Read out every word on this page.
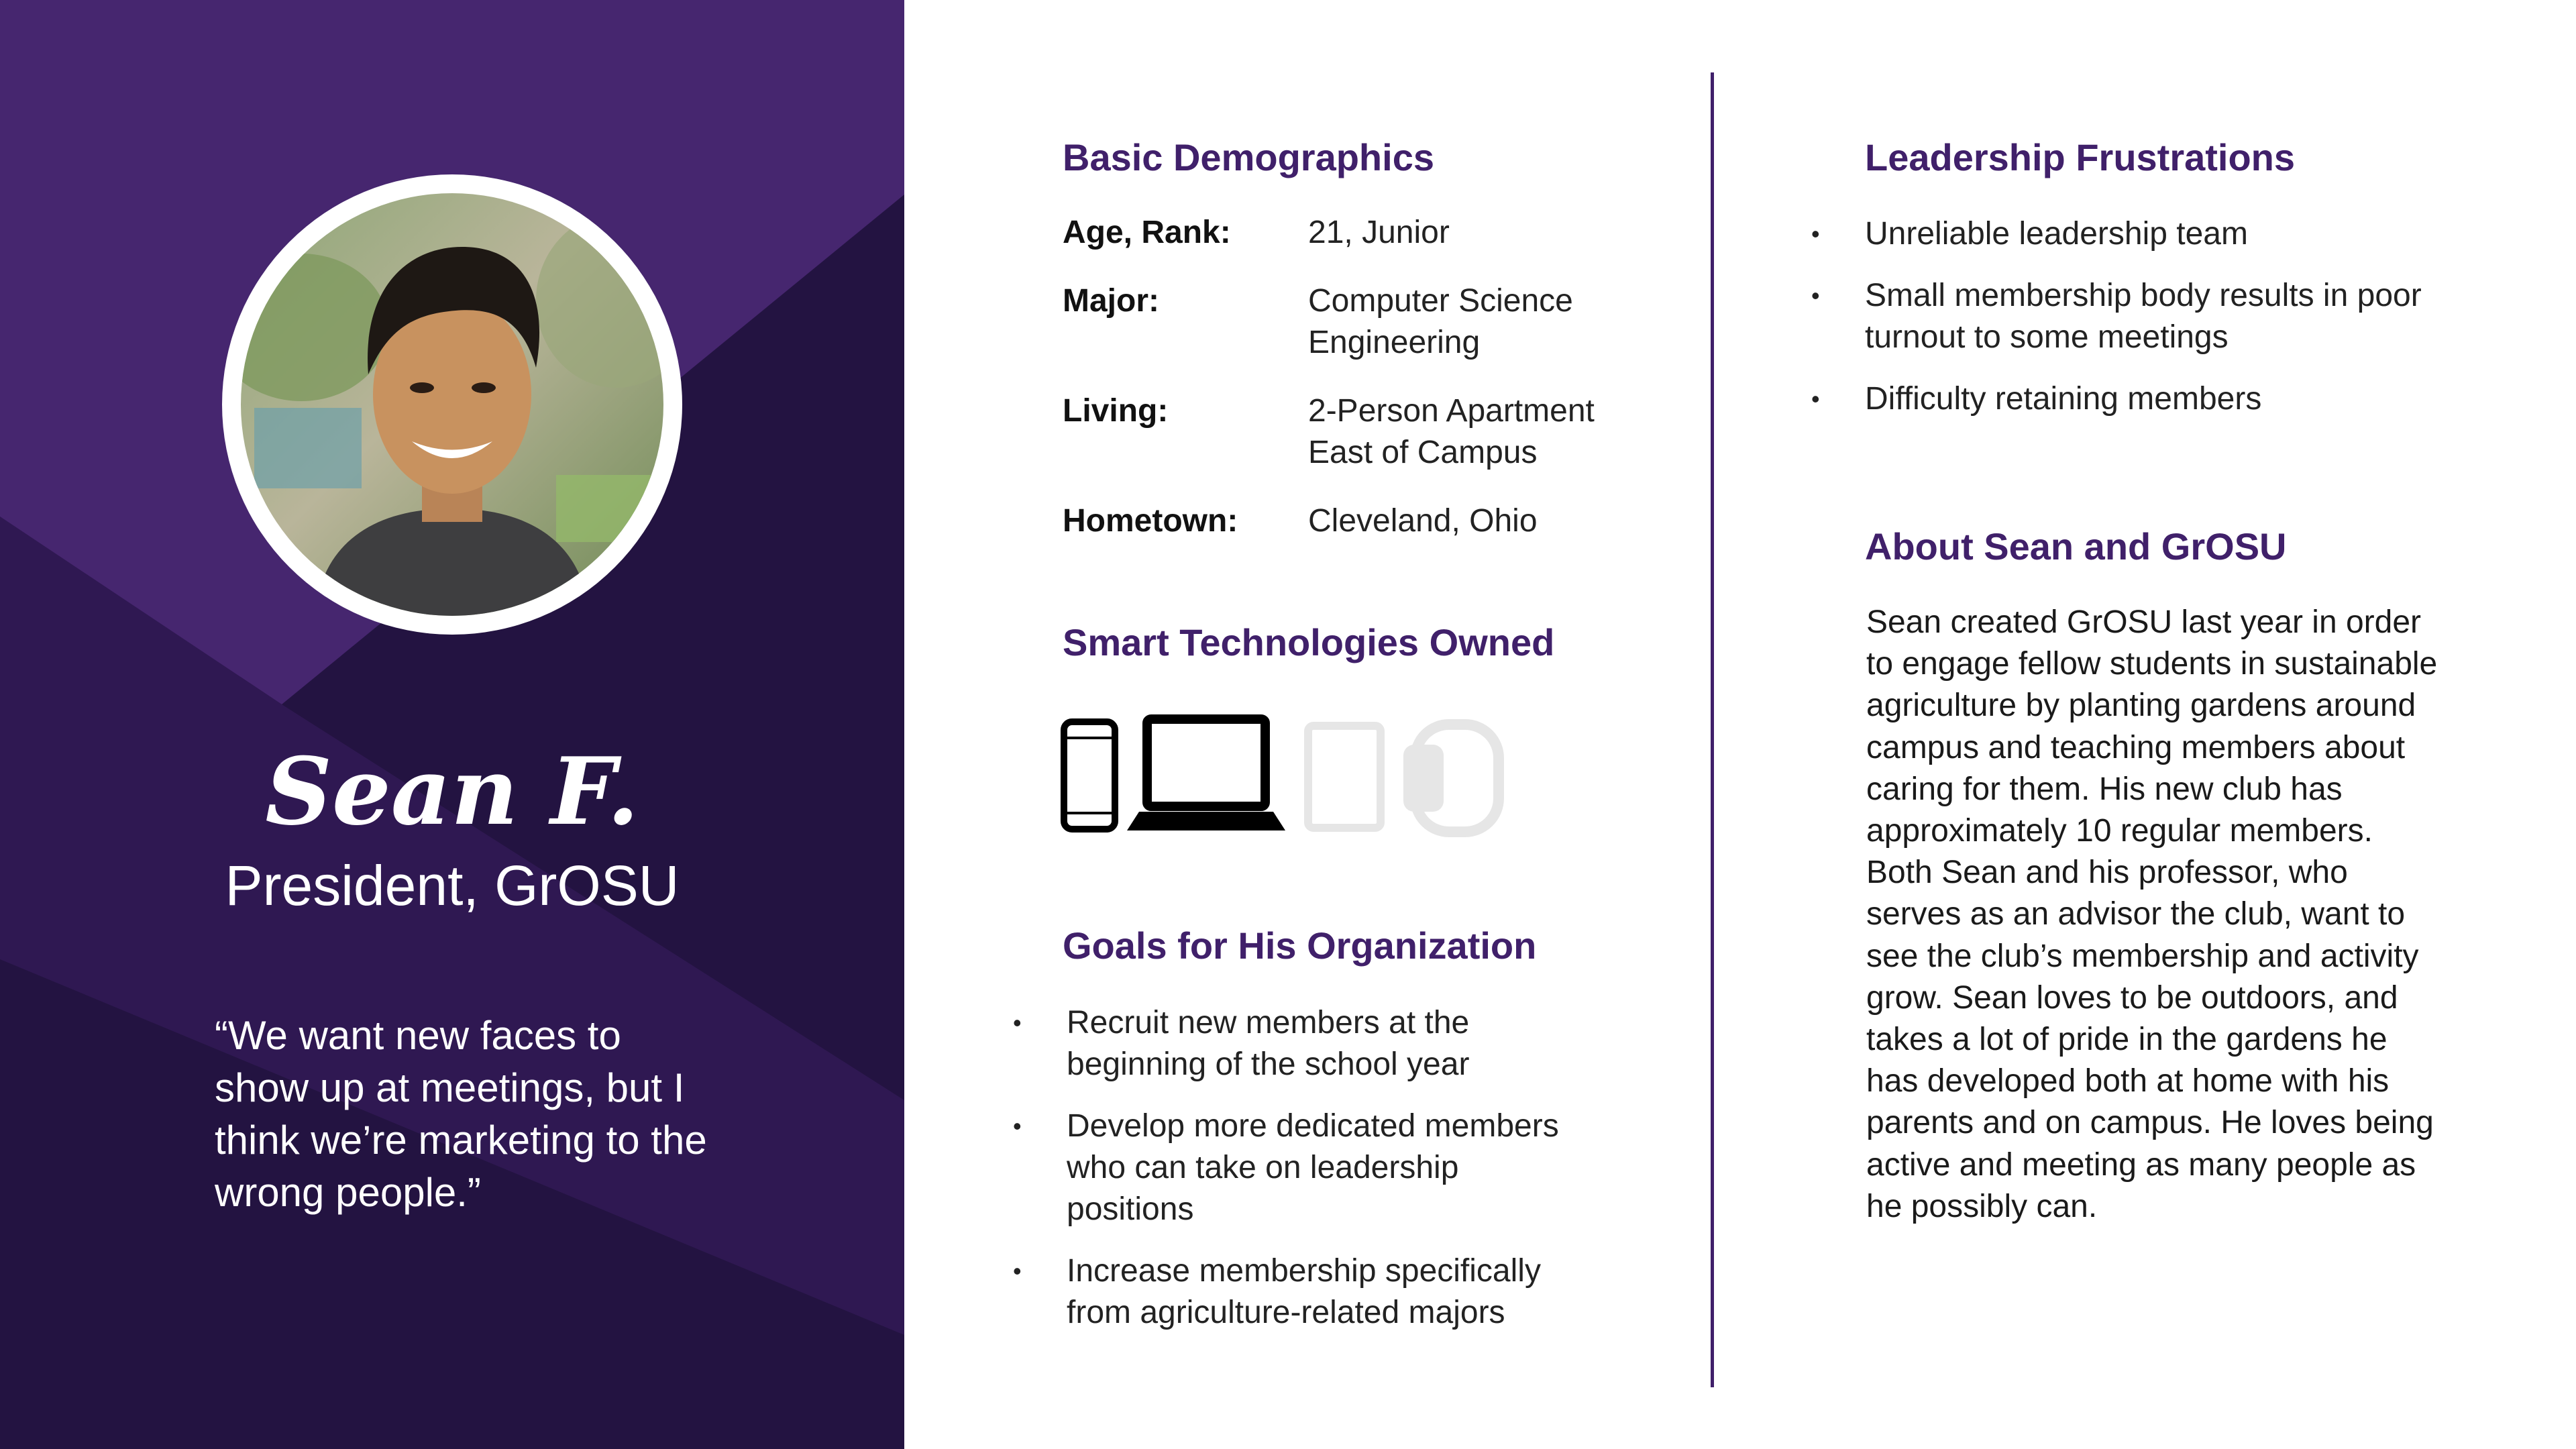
Sean F.
President, GrOSU
“We want new faces to show up at meetings, but I think we’re marketing to the wrong people.”
Basic Demographics
Age, Rank: 21, Junior
Major:	Computer Science Engineering
Living:	2-Person Apartment East of Campus
Hometown: Cleveland, Ohio
Smart Technologies Owned
Goals for His Organization
• Recruit new members at the beginning of the school year
• Develop more dedicated members who can take on leadership positions
• Increase membership specifically from agriculture-related majors
Leadership Frustrations
• Unreliable leadership team
• Small membership body results in poor turnout to some meetings
• Difficulty retaining members
About Sean and GrOSU
Sean created GrOSU last year in order to engage fellow students in sustainable agriculture by planting gardens around campus and teaching members about caring for them. His new club has approximately 10 regular members. Both Sean and his professor, who serves as an advisor the club, want to see the club’s membership and activity grow. Sean loves to be outdoors, and takes a lot of pride in the gardens he has developed both at home with his parents and on campus. He loves being active and meeting as many people as he possibly can.
